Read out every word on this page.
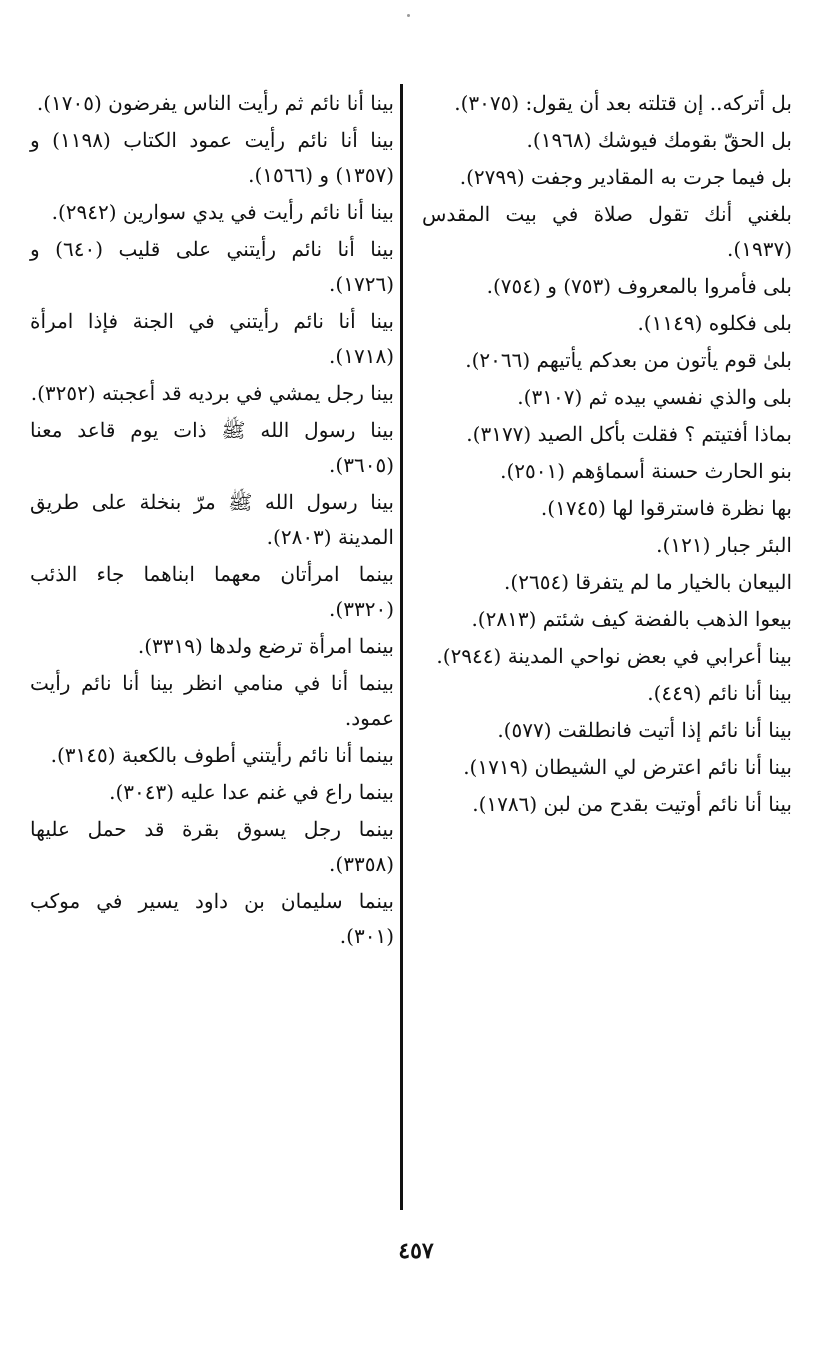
بل أتركه.. إن قتلته بعد أن يقول: (٣٠٧٥).

بل الحقّ بقومك فيوشك (١٩٦٨).

بل فيما جرت به المقادير وجفت (٢٧٩٩).

بلغني أنك تقول صلاة في بيت المقدس (١٩٣٧).

بلى فأمروا بالمعروف (٧٥٣) و (٧٥٤).

بلى فكلوه (١١٤٩).

بلىٰ قوم يأتون من بعدكم يأتيهم (٢٠٦٦).

بلى والذي نفسي بيده ثم (٣١٠٧).

بماذا أفتيتم ؟ فقلت بأكل الصيد (٣١٧٧).

بنو الحارث حسنة أسماؤهم (٢٥٠١).

بها نظرة فاسترقوا لها (١٧٤٥).

البئر جبار (١٢١).

البيعان بالخيار ما لم يتفرقا (٢٦٥٤).

بيعوا الذهب بالفضة كيف شئتم (٢٨١٣).

بينا أعرابي في بعض نواحي المدينة (٢٩٤٤).

بينا أنا نائم (٤٤٩).

بينا أنا نائم إذا أتيت فانطلقت (٥٧٧).

بينا أنا نائم اعترض لي الشيطان (١٧١٩).

بينا أنا نائم أوتيت بقدح من لبن (١٧٨٦).

بينا أنا نائم ثم رأيت الناس يفرضون (١٧٠٥).

بينا أنا نائم رأيت عمود الكتاب (١١٩٨) و (١٣٥٧) و (١٥٦٦).

بينا أنا نائم رأيت في يدي سوارين (٢٩٤٢).

بينا أنا نائم رأيتني على قليب (٦٤٠) و (١٧٢٦).

بينا أنا نائم رأيتني في الجنة فإذا امرأة (١٧١٨).

بينا رجل يمشي في برديه قد أعجبته (٣٢٥٢).

بينا رسول الله ﷺ ذات يوم قاعد معنا (٣٦٠٥).

بينا رسول الله ﷺ مرّ بنخلة على طريق المدينة (٢٨٠٣).

بينما امرأتان معهما ابناهما جاء الذئب (٣٣٢٠).

بينما امرأة ترضع ولدها (٣٣١٩).

بينما أنا في منامي انظر بينا أنا نائم رأيت عمود.

بينما أنا نائم رأيتني أطوف بالكعبة (٣١٤٥).

بينما راع في غنم عدا عليه (٣٠٤٣).

بينما رجل يسوق بقرة قد حمل عليها (٣٣٥٨).

بينما سليمان بن داود يسير في موكب (٣٠١).

٤٥٧
